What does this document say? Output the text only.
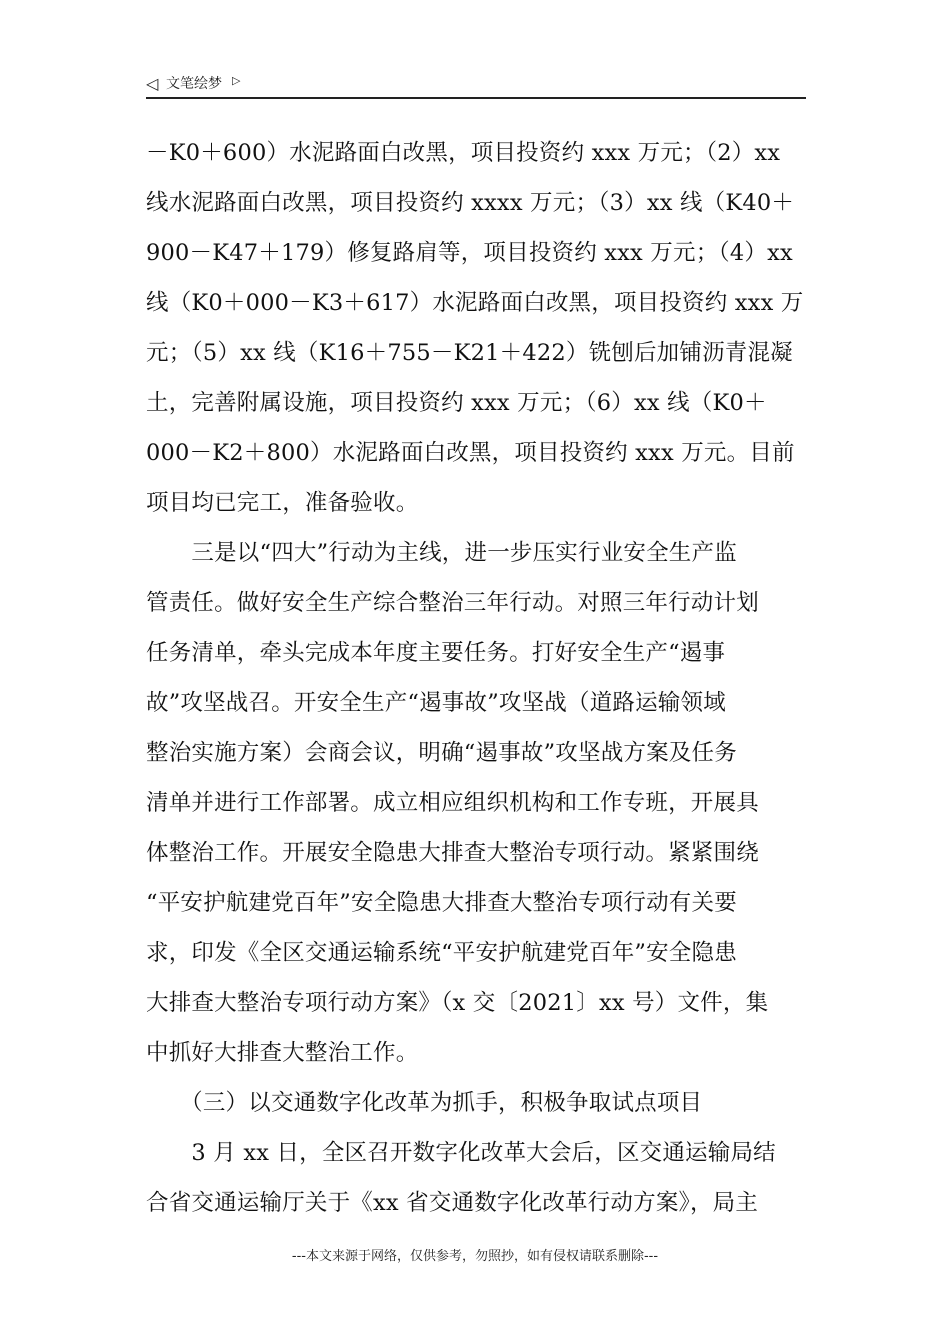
◁ 文笔绘梦 ▷
－K0＋600）水泥路面白改黑，项目投资约 xxx 万元；（2）xx
线水泥路面白改黑，项目投资约 xxxx 万元；（3）xx 线（K40＋
900－K47＋179）修复路肩等，项目投资约 xxx 万元；（4）xx
线（K0＋000－K3＋617）水泥路面白改黑，项目投资约 xxx 万
元；（5）xx 线（K16＋755－K21＋422）铣刨后加铺沥青混凝
土，完善附属设施，项目投资约 xxx 万元；（6）xx 线（K0＋
000－K2＋800）水泥路面白改黑，项目投资约 xxx 万元。目前
项目均已完工，准备验收。
　　三是以“四大”行动为主线，进一步压实行业安全生产监
管责任。做好安全生产综合整治三年行动。对照三年行动计划
任务清单，牵头完成本年度主要任务。打好安全生产“遏事
故”攻坚战召。开安全生产“遏事故”攻坚战（道路运输领域
整治实施方案）会商会议，明确“遏事故”攻坚战方案及任务
清单并进行工作部署。成立相应组织机构和工作专班，开展具
体整治工作。开展安全隐患大排查大整治专项行动。紧紧围绕
“平安护航建党百年”安全隐患大排查大整治专项行动有关要
求，印发《全区交通运输系统“平安护航建党百年”安全隐患
大排查大整治专项行动方案》（x 交〔2021〕xx 号）文件，集
中抓好大排查大整治工作。
　　（三）以交通数字化改革为抓手，积极争取试点项目
　　3 月 xx 日，全区召开数字化改革大会后，区交通运输局结
合省交通运输厅关于《xx 省交通数字化改革行动方案》，局主
---本文来源于网络，仅供参考，勿照抄，如有侵权请联系删除---
